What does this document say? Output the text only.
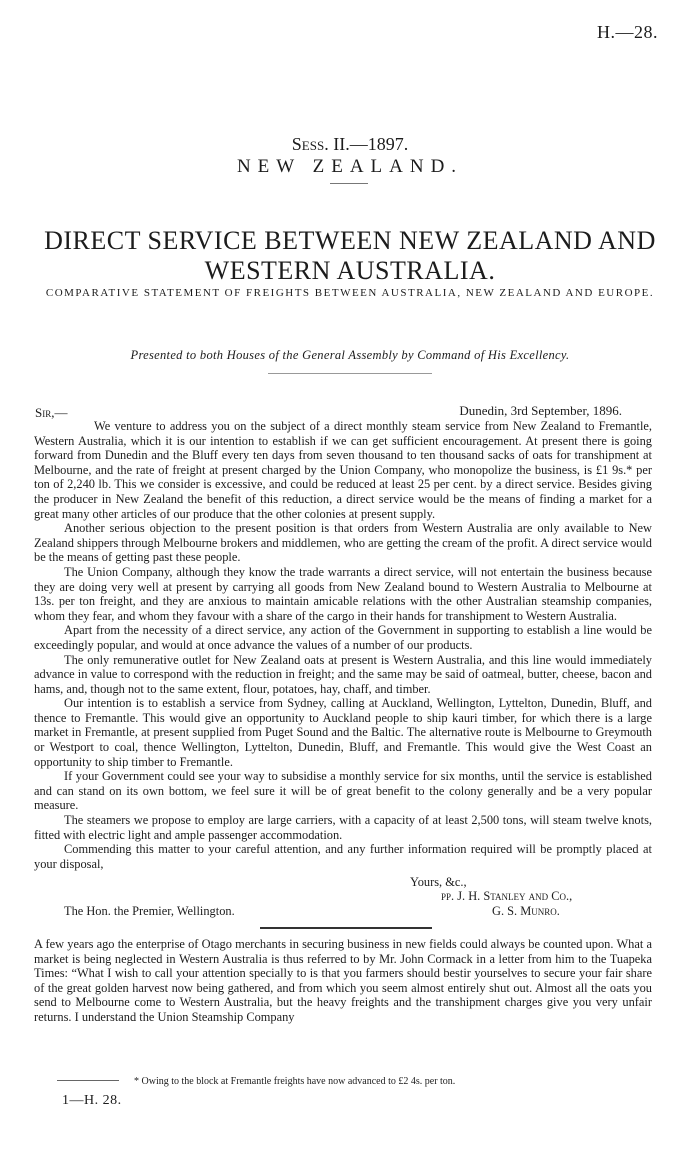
H.—28.
Sess. II.—1897.
NEW ZEALAND.
DIRECT SERVICE BETWEEN NEW ZEALAND AND WESTERN AUSTRALIA.
COMPARATIVE STATEMENT OF FREIGHTS BETWEEN AUSTRALIA, NEW ZEALAND AND EUROPE.
Presented to both Houses of the General Assembly by Command of His Excellency.
Sir,—	Dunedin, 3rd September, 1896.

We venture to address you on the subject of a direct monthly steam service from New Zealand to Fremantle, Western Australia, which it is our intention to establish if we can get sufficient encouragement. At present there is going forward from Dunedin and the Bluff every ten days from seven thousand to ten thousand sacks of oats for transhipment at Melbourne, and the rate of freight at present charged by the Union Company, who monopolize the business, is £1 9s.* per ton of 2,240 lb. This we consider is excessive, and could be reduced at least 25 per cent. by a direct service. Besides giving the producer in New Zealand the benefit of this reduction, a direct service would be the means of finding a market for a great many other articles of our produce that the other colonies at present supply.

Another serious objection to the present position is that orders from Western Australia are only available to New Zealand shippers through Melbourne brokers and middlemen, who are getting the cream of the profit. A direct service would be the means of getting past these people.

The Union Company, although they know the trade warrants a direct service, will not entertain the business because they are doing very well at present by carrying all goods from New Zealand bound to Western Australia to Melbourne at 13s. per ton freight, and they are anxious to maintain amicable relations with the other Australian steamship companies, whom they fear, and whom they favour with a share of the cargo in their hands for transhipment to Western Australia.

Apart from the necessity of a direct service, any action of the Government in supporting to establish a line would be exceedingly popular, and would at once advance the values of a number of our products.

The only remunerative outlet for New Zealand oats at present is Western Australia, and this line would immediately advance in value to correspond with the reduction in freight; and the same may be said of oatmeal, butter, cheese, bacon and hams, and, though not to the same extent, flour, potatoes, hay, chaff, and timber.

Our intention is to establish a service from Sydney, calling at Auckland, Wellington, Lyttelton, Dunedin, Bluff, and thence to Fremantle. This would give an opportunity to Auckland people to ship kauri timber, for which there is a large market in Fremantle, at present supplied from Puget Sound and the Baltic. The alternative route is Melbourne to Greymouth or Westport to coal, thence Wellington, Lyttelton, Dunedin, Bluff, and Fremantle. This would give the West Coast an opportunity to ship timber to Fremantle.

If your Government could see your way to subsidise a monthly service for six months, until the service is established and can stand on its own bottom, we feel sure it will be of great benefit to the colony generally and be a very popular measure.

The steamers we propose to employ are large carriers, with a capacity of at least 2,500 tons, will steam twelve knots, fitted with electric light and ample passenger accommodation.

Commending this matter to your careful attention, and any further information required will be promptly placed at your disposal,

Yours, &c.,
pp. J. H. Stanley and Co.,
G. S. Munro.
The Hon. the Premier, Wellington.

A few years ago the enterprise of Otago merchants in securing business in new fields could always be counted upon. What a market is being neglected in Western Australia is thus referred to by Mr. John Cormack in a letter from him to the Tuapeka Times: “What I wish to call your attention specially to is that you farmers should bestir yourselves to secure your fair share of the great golden harvest now being gathered, and from which you seem almost entirely shut out. Almost all the oats you send to Melbourne come to Western Australia, but the heavy freights and the transhipment charges give you very unfair returns. I understand the Union Steamship Company

* Owing to the block at Fremantle freights have now advanced to £2 4s. per ton.
1—H. 28.
